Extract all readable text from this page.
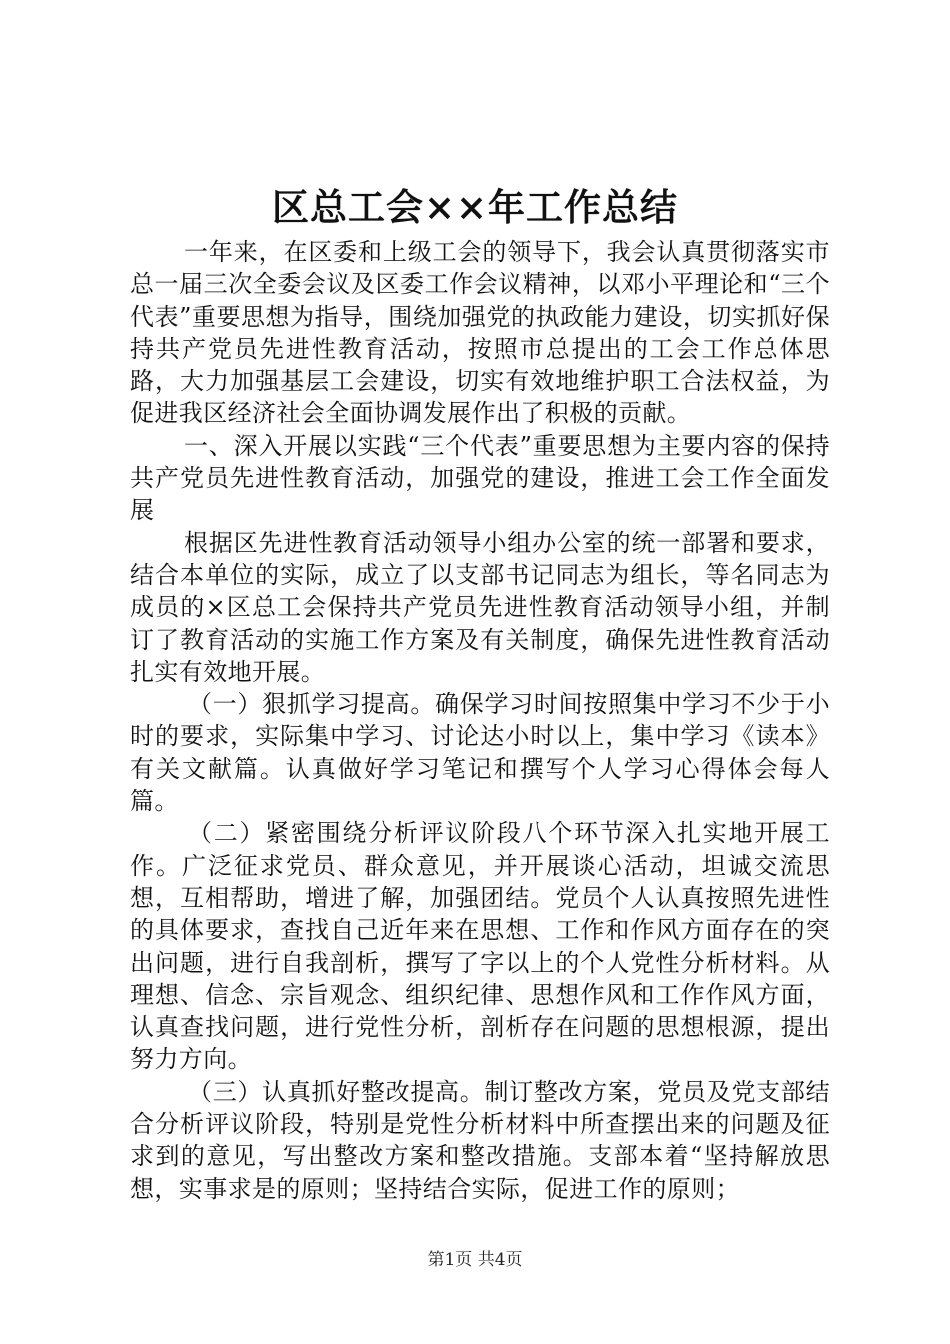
区总工会××年工作总结

一年来，在区委和上级工会的领导下，我会认真贯彻落实市总一届三次全委会议及区委工作会议精神，以邓小平理论和“三个代表”重要思想为指导，围绕加强党的执政能力建设，切实抓好保持共产党员先进性教育活动，按照市总提出的工会工作总体思路，大力加强基层工会建设，切实有效地维护职工合法权益，为促进我区经济社会全面协调发展作出了积极的贡献。

一、深入开展以实践“三个代表”重要思想为主要内容的保持共产党员先进性教育活动，加强党的建设，推进工会工作全面发展

根据区先进性教育活动领导小组办公室的统一部署和要求，结合本单位的实际，成立了以支部书记同志为组长，等名同志为成员的×区总工会保持共产党员先进性教育活动领导小组，并制订了教育活动的实施工作方案及有关制度，确保先进性教育活动扎实有效地开展。

（一）狠抓学习提高。确保学习时间按照集中学习不少于小时的要求，实际集中学习、讨论达小时以上，集中学习《读本》有关文献篇。认真做好学习笔记和撰写个人学习心得体会每人篇。

（二）紧密围绕分析评议阶段八个环节深入扎实地开展工作。广泛征求党员、群众意见，并开展谈心活动，坦诚交流思想，互相帮助，增进了解，加强团结。党员个人认真按照先进性的具体要求，查找自己近年来在思想、工作和作风方面存在的突出问题，进行自我剖析，撰写了字以上的个人党性分析材料。从理想、信念、宗旨观念、组织纪律、思想作风和工作作风方面，认真查找问题，进行党性分析，剖析存在问题的思想根源，提出努力方向。

（三）认真抓好整改提高。制订整改方案，党员及党支部结合分析评议阶段，特别是党性分析材料中所查摆出来的问题及征求到的意见，写出整改方案和整改措施。支部本着“坚持解放思想，实事求是的原则；坚持结合实际，促进工作的原则；

第1页 共4页
